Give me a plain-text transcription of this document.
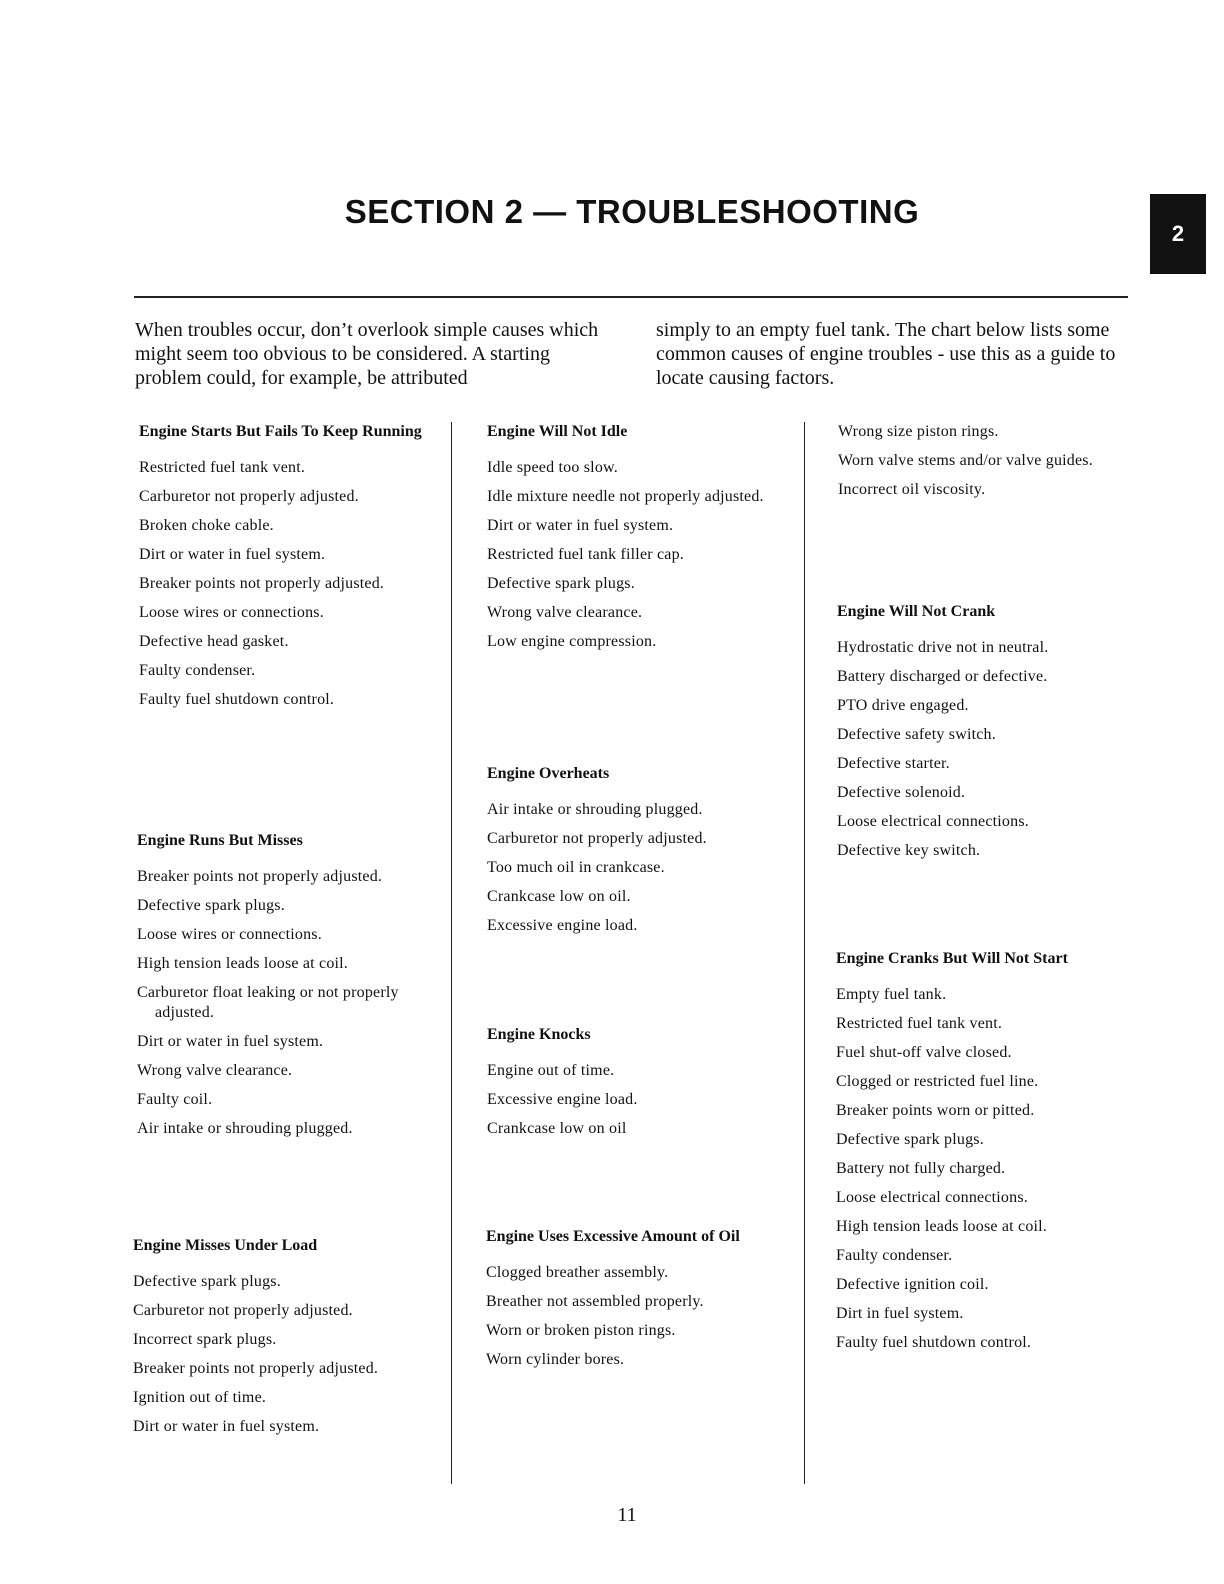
SECTION 2 — TROUBLESHOOTING
2

When troubles occur, don’t overlook simple causes which might seem too obvious to be considered. A starting problem could, for example, be attributed

simply to an empty fuel tank. The chart below lists some common causes of engine troubles - use this as a guide to locate causing factors.

Engine Starts But Fails To Keep Running
Restricted fuel tank vent.
Carburetor not properly adjusted.
Broken choke cable.
Dirt or water in fuel system.
Breaker points not properly adjusted.
Loose wires or connections.
Defective head gasket.
Faulty condenser.
Faulty fuel shutdown control.
Engine Runs But Misses
Breaker points not properly adjusted.
Defective spark plugs.
Loose wires or connections.
High tension leads loose at coil.
Carburetor float leaking or not properly adjusted.
Dirt or water in fuel system.
Wrong valve clearance.
Faulty coil.
Air intake or shrouding plugged.
Engine Misses Under Load
Defective spark plugs.
Carburetor not properly adjusted.
Incorrect spark plugs.
Breaker points not properly adjusted.
Ignition out of time.
Dirt or water in fuel system.
Engine Will Not Idle
Idle speed too slow.
Idle mixture needle not properly adjusted.
Dirt or water in fuel system.
Restricted fuel tank filler cap.
Defective spark plugs.
Wrong valve clearance.
Low engine compression.
Engine Overheats
Air intake or shrouding plugged.
Carburetor not properly adjusted.
Too much oil in crankcase.
Crankcase low on oil.
Excessive engine load.
Engine Knocks
Engine out of time.
Excessive engine load.
Crankcase low on oil
Engine Uses Excessive Amount of Oil
Clogged breather assembly.
Breather not assembled properly.
Worn or broken piston rings.
Worn cylinder bores.
Wrong size piston rings.
Worn valve stems and/or valve guides.
Incorrect oil viscosity.
Engine Will Not Crank
Hydrostatic drive not in neutral.
Battery discharged or defective.
PTO drive engaged.
Defective safety switch.
Defective starter.
Defective solenoid.
Loose electrical connections.
Defective key switch.
Engine Cranks But Will Not Start
Empty fuel tank.
Restricted fuel tank vent.
Fuel shut-off valve closed.
Clogged or restricted fuel line.
Breaker points worn or pitted.
Defective spark plugs.
Battery not fully charged.
Loose electrical connections.
High tension leads loose at coil.
Faulty condenser.
Defective ignition coil.
Dirt in fuel system.
Faulty fuel shutdown control.
11
